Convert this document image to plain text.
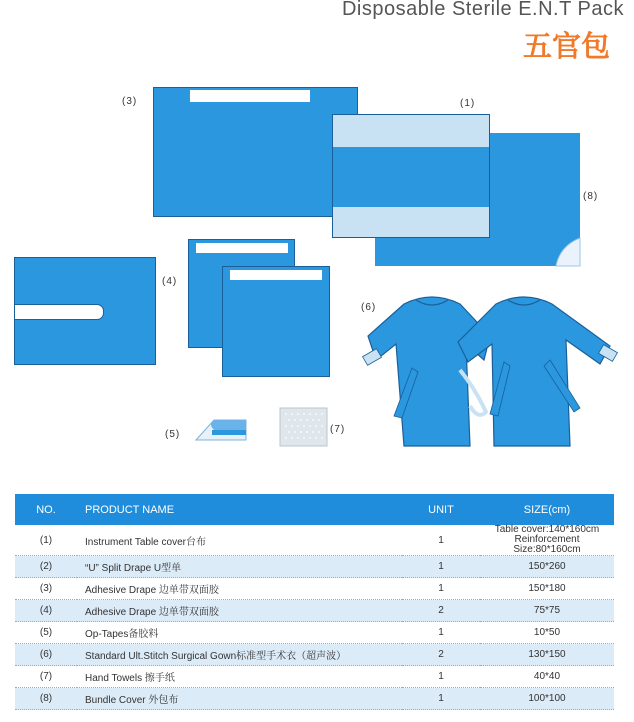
Disposable Sterile E.N.T Pack
五官包
(3)	(1)
(8)
(4)
(6)
(5)	(7)
NO.	PRODUCT NAME	UNIT	SIZE(cm)
(1)	Instrument Table cover台布	1	Table cover:140*160cm
Reinforcement Size:80*160cm

(2)	“U” Split Drape U型单	1	150*260
(3)	Adhesive Drape 边单带双面胶	1	150*180
(4)	Adhesive Drape 边单带双面胶	2	75*75
(5)	Op-Tapes备胶料	1	10*50
(6)	Standard Ult.Stitch Surgical Gown标准型手术衣（超声波）	2	130*150
(7)	Hand Towels 擦手纸	1	40*40
(8)	Bundle Cover 外包布	1	100*100
